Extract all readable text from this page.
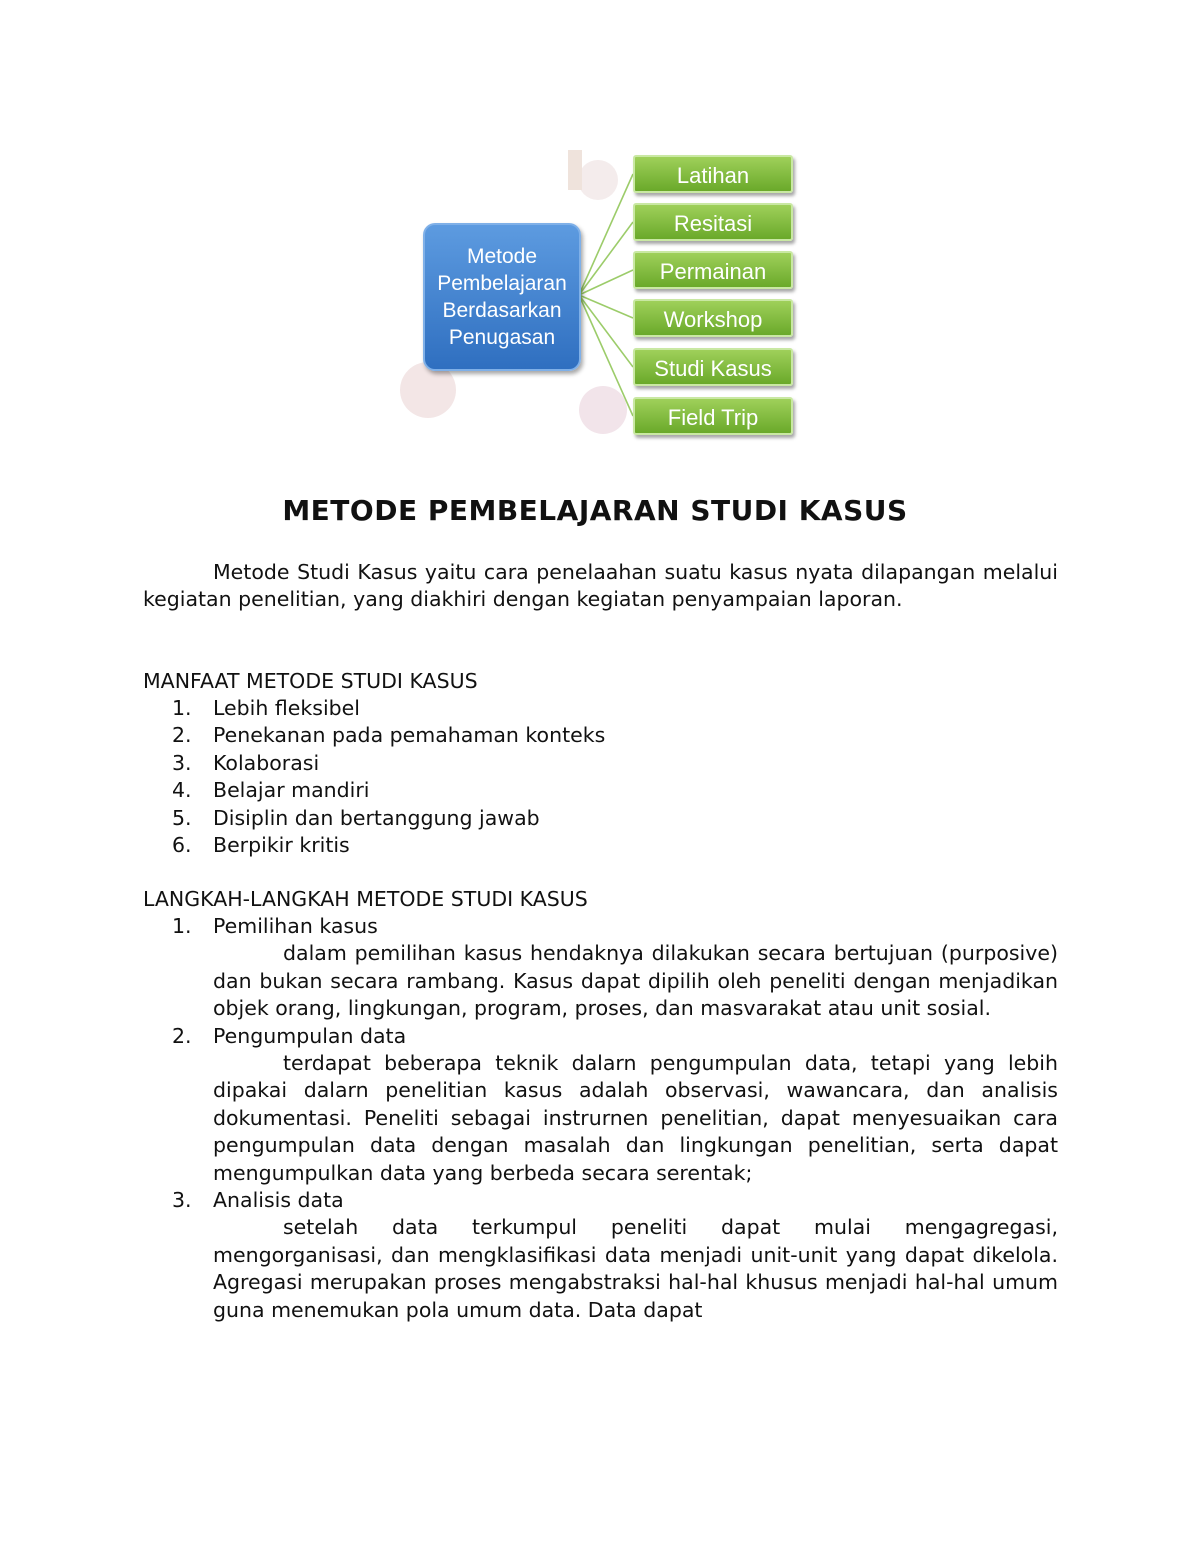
Metode
Pembelajaran
Berdasarkan
Penugasan
Latihan
Resitasi
Permainan
Workshop
Studi Kasus
Field Trip
METODE PEMBELAJARAN STUDI KASUS

Metode Studi Kasus yaitu cara penelaahan suatu kasus nyata dilapangan melalui kegiatan penelitian, yang diakhiri dengan kegiatan penyampaian laporan.

MANFAAT METODE STUDI KASUS
1. Lebih fleksibel
2. Penekanan pada pemahaman konteks
3. Kolaborasi
4. Belajar mandiri
5. Disiplin dan bertanggung jawab
6. Berpikir kritis
LANGKAH-LANGKAH METODE STUDI KASUS
1. Pemilihan kasus
dalam pemilihan kasus hendaknya dilakukan secara bertujuan (purposive) dan bukan secara rambang. Kasus dapat dipilih oleh peneliti dengan menjadikan objek orang, lingkungan, program, proses, dan masvarakat atau unit sosial.
2. Pengumpulan data
terdapat beberapa teknik dalarn pengumpulan data, tetapi yang lebih dipakai dalarn penelitian kasus adalah observasi, wawancara, dan analisis dokumentasi. Peneliti sebagai instrurnen penelitian, dapat menyesuaikan cara pengumpulan data dengan masalah dan lingkungan penelitian, serta dapat mengumpulkan data yang berbeda secara serentak;
3. Analisis data
setelah data terkumpul peneliti dapat mulai mengagregasi, mengorganisasi, dan mengklasifikasi data menjadi unit-unit yang dapat dikelola. Agregasi merupakan proses mengabstraksi hal-hal khusus menjadi hal-hal umum guna menemukan pola umum data. Data dapat
